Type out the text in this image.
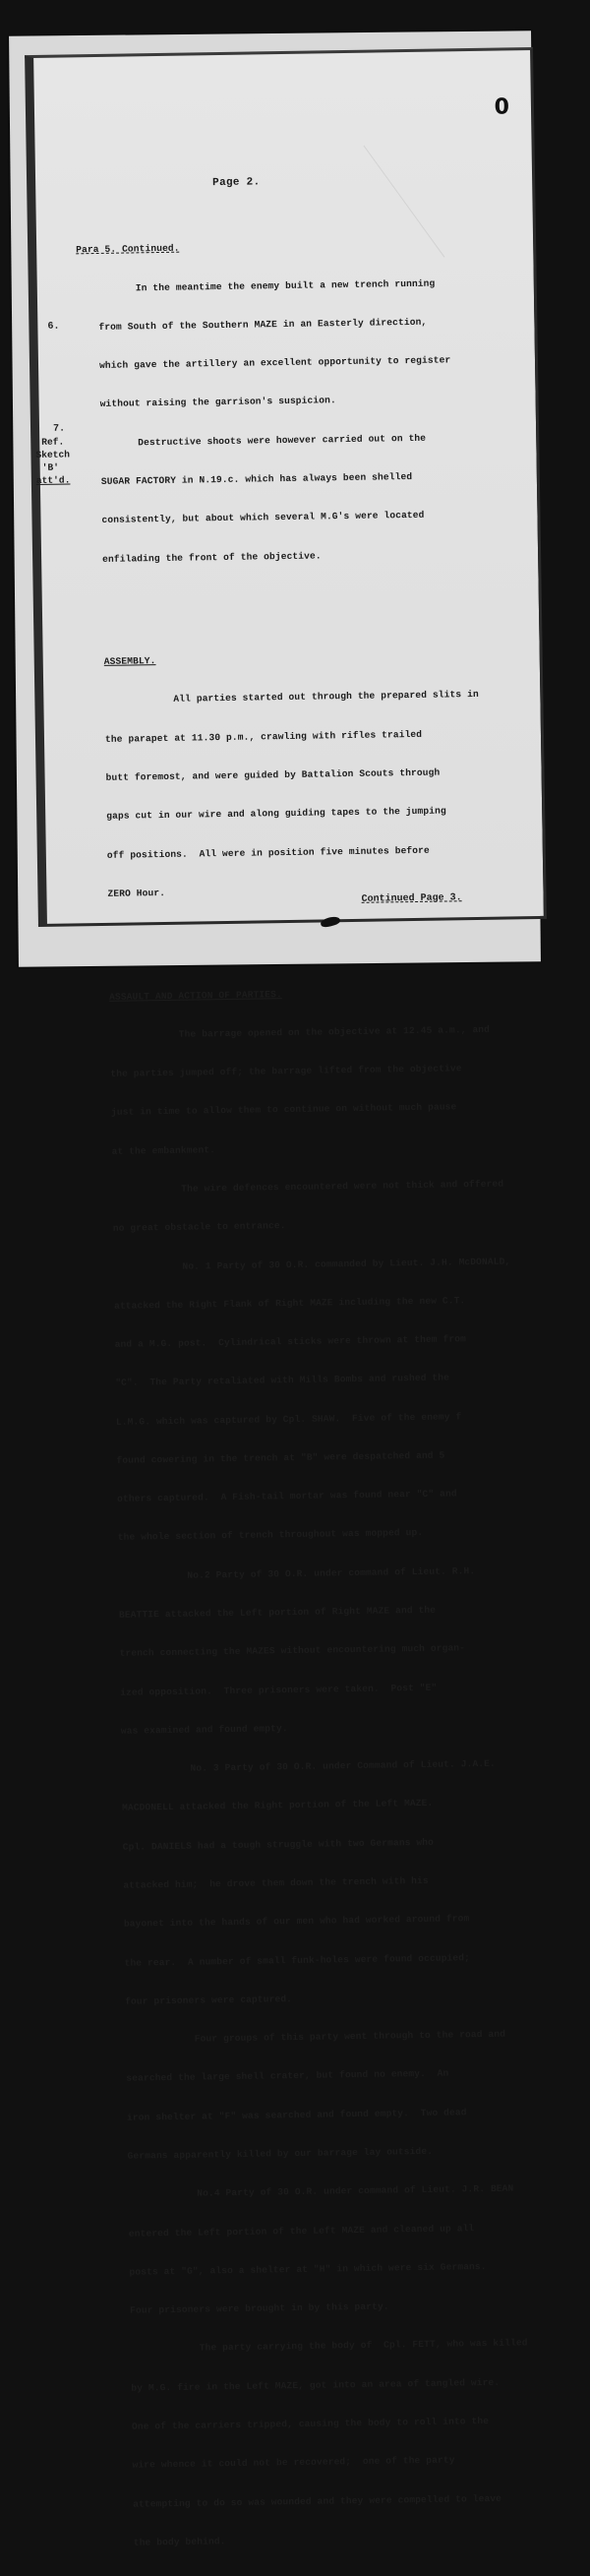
0
Page 2.

Para 5. Continued.

In the meantime the enemy built a new trench running

from South of the Southern MAZE in an Easterly direction,

which gave the artillery an excellent opportunity to register

without raising the garrison's suspicion.

Destructive shoots were however carried out on the

SUGAR FACTORY in N.19.c. which has always been shelled

consistently, but about which several M.G's were located

enfilading the front of the objective.

ASSEMBLY.

All parties started out through the prepared slits in

the parapet at 11.30 p.m., crawling with rifles trailed

butt foremost, and were guided by Battalion Scouts through

gaps cut in our wire and along guiding tapes to the jumping

off positions.  All were in position five minutes before

ZERO Hour.

ASSAULT AND ACTION OF PARTIES.

The barrage opened on the objective at 12.45 a.m., and

the parties jumped off; the barrage lifted from the objective

just in time to allow them to continue on without much pause

at the embankment.

The wire defences encountered were not thick and offered

no great obstacle to entrance.

No. 1 Party of 30 O.R. commanded by Lieut. J.H. McDONALD,

attacked the Right Flank of Right MAZE including the new C.T.

and a M.G. post.  Cylindrical sticks were thrown at them from

"C".  The Party retaliated with Mills Bombs and rushed the

L.M.G. which was captured by Cpl. SHAW.  Five of the enemy f

found cowering in the trench at "B" were despatched and 5

others captured.  A Fish-tail mortar was found near "C" and

the whole section of trench throughout was mopped up.

No.2 Party of 30 O.R. under command of Lieut. R.H.

BEATTIE attacked the Left portion of Right MAZE and the

trench connecting the MAZES without encountering much organ-

ized opposition.  Three prisoners were taken.  Post "E"

was examined and found empty.

No. 3 Party of 30 O.R. under Command of Lieut. J.A.E.

MACDONELL attacked the Right portion of the Left MAZE.

Cpl. DANIELS had a tough struggle with two Germans who

attacked him;  he drove them down the trench with his

bayonet into the hands of our men who had worked around from

the rear.  A number of small funk-holes were found occupied;

four prisoners were captured.

Four groups of this party went through to the road and

searched the large shell crater, but found no enemy.  An

iron shelter at "F" was searched and found empty.  Two dead

Germans apparently killed by our barrage lay outside.

No.4 Party of 30 O.R. under command of Lieut. J.R. BEAN

entered the Left portion of the Left MAZE and cleaned up all

posts at "G", also a shelter at "H" in which were six Germans.

Four prisoners were brought in by this party.

The party carrying the body of  Cpl. FETT, who was killed

by M.G. fire in the Left MAZE, got into an area of tangled wire.

One of the carriers tripped, causing the body to roll into the

wire whence it could not be recovered;  one of the party

attempting to do so was wounded and they were compelled to leave

the body behind.

6.
7.
Ref.
Sketch
'B'
att'd.
Continued Page 3.
